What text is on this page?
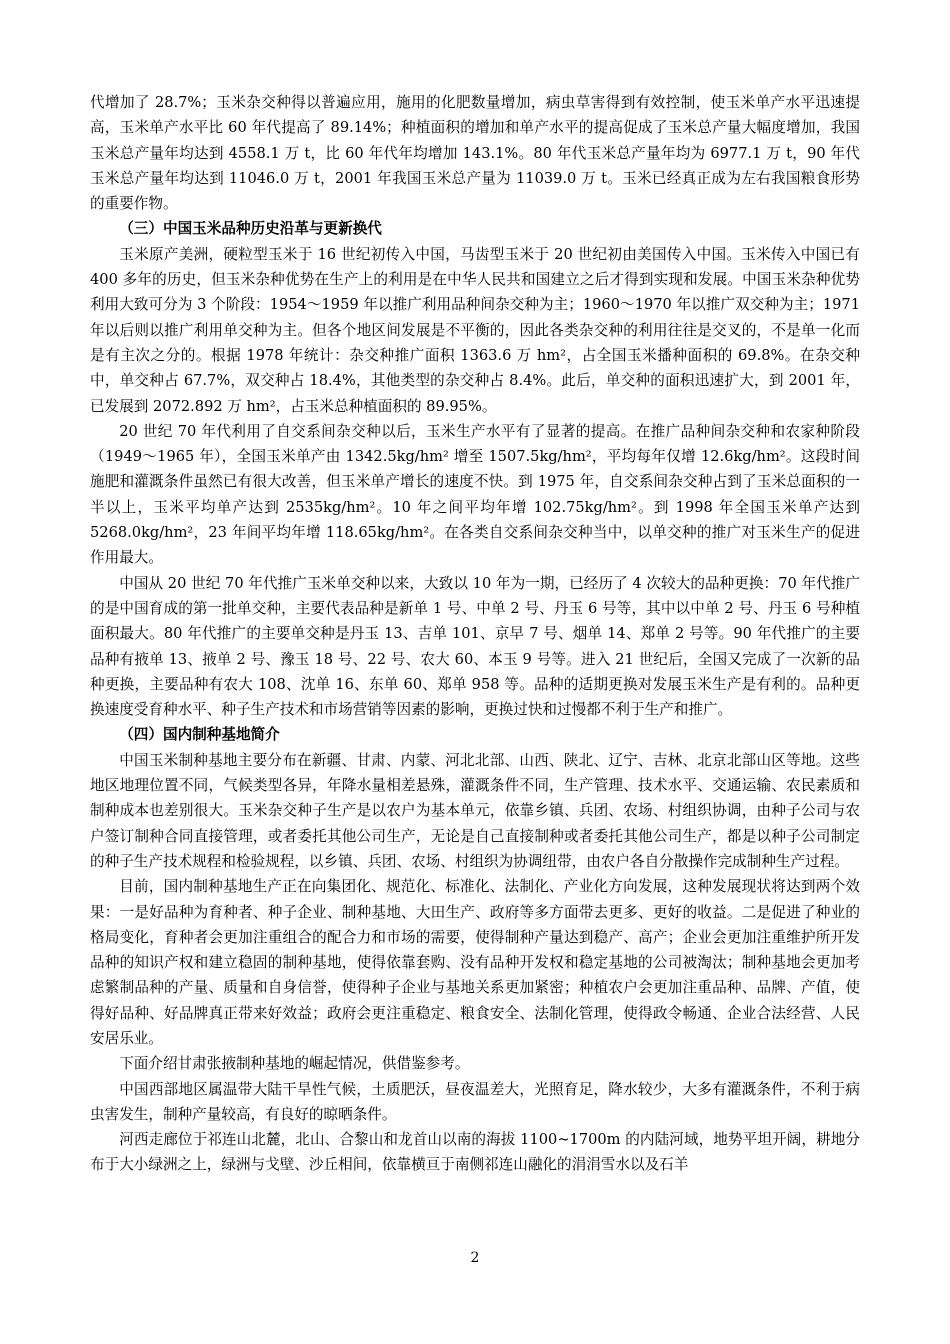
代增加了 28.7%；玉米杂交种得以普遍应用，施用的化肥数量增加，病虫草害得到有效控制，使玉米单产水平迅速提高，玉米单产水平比 60 年代提高了 89.14%；种植面积的增加和单产水平的提高促成了玉米总产量大幅度增加，我国玉米总产量年均达到 4558.1 万 t，比 60 年代年均增加 143.1%。80 年代玉米总产量年均为 6977.1 万 t，90 年代玉米总产量年均达到 11046.0 万 t，2001 年我国玉米总产量为 11039.0 万 t。玉米已经真正成为左右我国粮食形势的重要作物。

（三）中国玉米品种历史沿革与更新换代

玉米原产美洲，硬粒型玉米于 16 世纪初传入中国，马齿型玉米于 20 世纪初由美国传入中国。玉米传入中国已有 400 多年的历史，但玉米杂种优势在生产上的利用是在中华人民共和国建立之后才得到实现和发展。中国玉米杂种优势利用大致可分为 3 个阶段：1954～1959 年以推广利用品种间杂交种为主；1960～1970 年以推广双交种为主；1971 年以后则以推广利用单交种为主。但各个地区间发展是不平衡的，因此各类杂交种的利用往往是交叉的，不是单一化而是有主次之分的。根据 1978 年统计：杂交种推广面积 1363.6 万 hm²，占全国玉米播种面积的 69.8%。在杂交种中，单交种占 67.7%，双交种占 18.4%，其他类型的杂交种占 8.4%。此后，单交种的面积迅速扩大，到 2001 年，已发展到 2072.892 万 hm²，占玉米总种植面积的 89.95%。

20 世纪 70 年代利用了自交系间杂交种以后，玉米生产水平有了显著的提高。在推广品种间杂交种和农家种阶段（1949～1965 年），全国玉米单产由 1342.5kg/hm² 增至 1507.5kg/hm²，平均每年仅增 12.6kg/hm²。这段时间施肥和灌溉条件虽然已有很大改善，但玉米单产增长的速度不快。到 1975 年，自交系间杂交种占到了玉米总面积的一半以上，玉米平均单产达到 2535kg/hm²。10 年之间平均年增 102.75kg/hm²。到 1998 年全国玉米单产达到 5268.0kg/hm²，23 年间平均年增 118.65kg/hm²。在各类自交系间杂交种当中，以单交种的推广对玉米生产的促进作用最大。

中国从 20 世纪 70 年代推广玉米单交种以来，大致以 10 年为一期，已经历了 4 次较大的品种更换：70 年代推广的是中国育成的第一批单交种，主要代表品种是新单 1 号、中单 2 号、丹玉 6 号等，其中以中单 2 号、丹玉 6 号种植面积最大。80 年代推广的主要单交种是丹玉 13、吉单 101、京早 7 号、烟单 14、郑单 2 号等。90 年代推广的主要品种有掖单 13、掖单 2 号、豫玉 18 号、22 号、农大 60、本玉 9 号等。进入 21 世纪后，全国又完成了一次新的品种更换，主要品种有农大 108、沈单 16、东单 60、郑单 958 等。品种的适期更换对发展玉米生产是有利的。品种更换速度受育种水平、种子生产技术和市场营销等因素的影响，更换过快和过慢都不利于生产和推广。

（四）国内制种基地简介

中国玉米制种基地主要分布在新疆、甘肃、内蒙、河北北部、山西、陕北、辽宁、吉林、北京北部山区等地。这些地区地理位置不同，气候类型各异，年降水量相差悬殊，灌溉条件不同，生产管理、技术水平、交通运输、农民素质和制种成本也差别很大。玉米杂交种子生产是以农户为基本单元，依靠乡镇、兵团、农场、村组织协调，由种子公司与农户签订制种合同直接管理，或者委托其他公司生产，无论是自己直接制种或者委托其他公司生产，都是以种子公司制定的种子生产技术规程和检验规程，以乡镇、兵团、农场、村组织为协调纽带，由农户各自分散操作完成制种生产过程。

目前，国内制种基地生产正在向集团化、规范化、标准化、法制化、产业化方向发展，这种发展现状将达到两个效果：一是好品种为育种者、种子企业、制种基地、大田生产、政府等多方面带去更多、更好的收益。二是促进了种业的格局变化，育种者会更加注重组合的配合力和市场的需要，使得制种产量达到稳产、高产；企业会更加注重维护所开发品种的知识产权和建立稳固的制种基地，使得依靠套购、没有品种开发权和稳定基地的公司被淘汰；制种基地会更加考虑繁制品种的产量、质量和自身信誉，使得种子企业与基地关系更加紧密；种植农户会更加注重品种、品牌、产值，使得好品种、好品牌真正带来好效益；政府会更注重稳定、粮食安全、法制化管理，使得政令畅通、企业合法经营、人民安居乐业。

下面介绍甘肃张掖制种基地的崛起情况，供借鉴参考。

中国西部地区属温带大陆干旱性气候，土质肥沃，昼夜温差大，光照育足，降水较少，大多有灌溉条件，不利于病虫害发生，制种产量较高，有良好的晾晒条件。

河西走廊位于祁连山北麓，北山、合黎山和龙首山以南的海拔 1100~1700m 的内陆河域，地势平坦开阔，耕地分布于大小绿洲之上，绿洲与戈壁、沙丘相间，依靠横亘于南侧祁连山融化的涓涓雪水以及石羊

2
